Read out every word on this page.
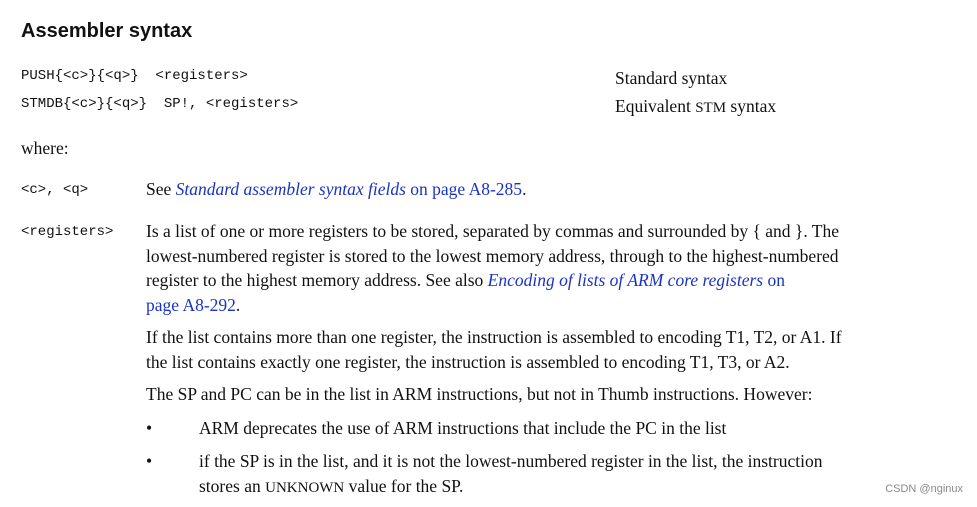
Assembler syntax
PUSH{<c>}{<q>}  <registers>	Standard syntax
STMDB{<c>}{<q>}  SP!, <registers>	Equivalent STM syntax
where:
<c>, <q>	See Standard assembler syntax fields on page A8-285.
<registers> Is a list of one or more registers to be stored, separated by commas and surrounded by { and }. The
lowest-numbered register is stored to the lowest memory address, through to the highest-numbered
register to the highest memory address. See also Encoding of lists of ARM core registers on
page A8-292.
If the list contains more than one register, the instruction is assembled to encoding T1, T2, or A1. If
the list contains exactly one register, the instruction is assembled to encoding T1, T3, or A2.
The SP and PC can be in the list in ARM instructions, but not in Thumb instructions. However:
•	ARM deprecates the use of ARM instructions that include the PC in the list
•	if the SP is in the list, and it is not the lowest-numbered register in the list, the instruction
stores an UNKNOWN value for the SP.	CSDN @nginux
